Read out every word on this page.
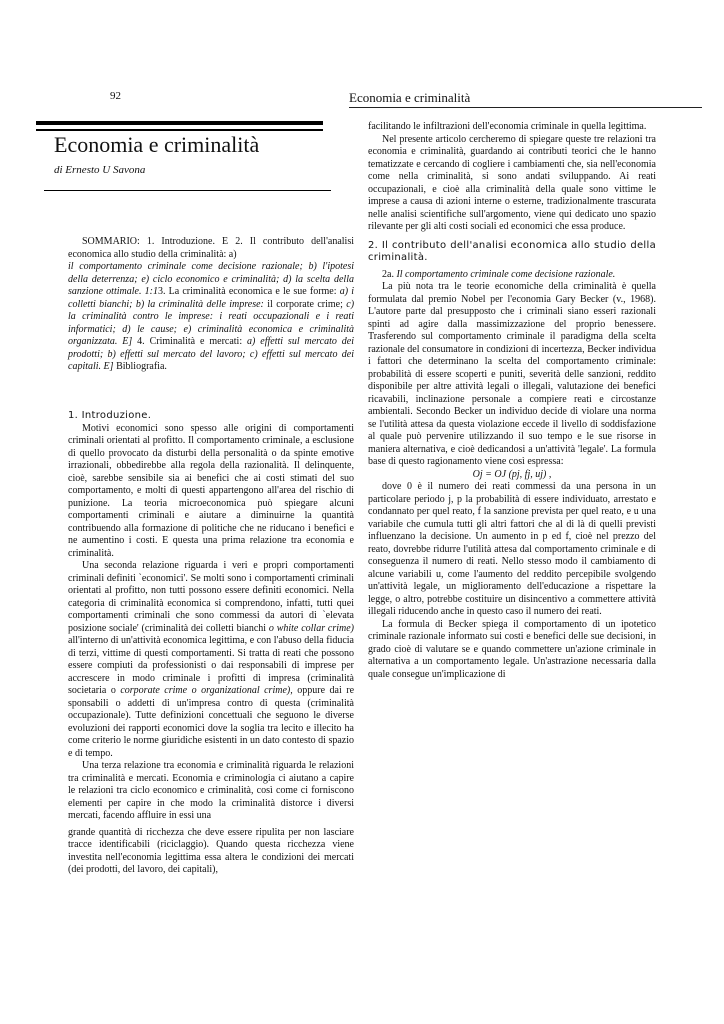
92	Economia e criminalità
Economia e criminalità
di Ernesto U Savona

SOMMARIO: 1. Introduzione. E 2. Il contributo dell'analisi economica allo studio della criminalità: a)

il comportamento criminale come decisione razionale; b) l'ipotesi della deterrenza; e) ciclo economico e criminalità; d) la scelta della sanzione ottimale. 1:13. La criminalità economica e le sue forme: a) i colletti bianchi; b) la criminalità delle imprese: il corporate crime; c) la criminalità contro le imprese: i reati occupazionali e i reati informatici; d) le cause; e) criminalità economica e criminalità organizzata. E] 4. Criminalità e mercati: a) effetti sul mercato dei prodotti; b) effetti sul mercato del lavoro; c) effetti sul mercato dei capitali. E] Bibliografia.

1. Introduzione.

Motivi economici sono spesso alle origini di comportamenti criminali orientati al profitto. Il comportamento criminale, a esclusione di quello provocato da disturbi della personalità o da spinte emotive irrazionali, obbedirebbe alla regola della razionalità. Il delinquente, cioè, sarebbe sensibile sia ai benefici che ai costi stimati del suo comportamento, e molti di questi appartengono all'area del rischio di punizione. La teoria microeconomica può spiegare alcuni comportamenti criminali e aiutare a diminuirne la quantità contribuendo alla formazione di politiche che ne riducano i benefici e ne aumentino i costi. E questa una prima relazione tra economia e criminalità.

Una seconda relazione riguarda i veri e propri comportamenti criminali definiti `economici'. Se molti sono i comportamenti criminali orientati al profitto, non tutti possono essere definiti economici. Nella categoria di criminalità economica si comprendono, infatti, tutti quei comportamenti criminali che sono commessi da autori di `elevata posizione sociale' (criminalità dei colletti bianchi o white collar crime) all'interno di un'attività economica legittima, e con l'abuso della fiducia di terzi, vittime di questi comportamenti. Si tratta di reati che possono essere compiuti da professionisti o dai responsabili di imprese per accrescere in modo criminale i profitti di impresa (criminalità societaria o corporate crime o organizational crime), oppure dai re sponsabili o addetti di un'impresa contro di questa (criminalità occupazionale). Tutte definizioni concettuali che seguono le diverse evoluzioni dei rapporti economici dove la soglia tra lecito e illecito ha come criterio le norme giuridiche esistenti in un dato contesto di spazio e di tempo.

Una terza relazione tra economia e criminalità riguarda le relazioni tra criminalità e mercati. Economia e criminologia ci aiutano a capire le relazioni tra ciclo economico e criminalità, così come ci forniscono elementi per capire in che modo la criminalità distorce i diversi mercati, facendo affluire in essi una

grande quantità di ricchezza che deve essere ripulita per non lasciare tracce identificabili (riciclaggio). Quando questa ricchezza viene investita nell'economia legittima essa altera le condizioni dei mercati (dei prodotti, del lavoro, dei capitali),

facilitando le infiltrazioni dell'economia criminale in quella legittima.

Nel presente articolo cercheremo di spiegare queste tre relazioni tra economia e criminalità, guardando ai contributi teorici che le hanno tematizzate e cercando di cogliere i cambiamenti che, sia nell'economia come nella criminalità, si sono andati sviluppando. Ai reati occupazionali, e cioè alla criminalità della quale sono vittime le imprese a causa di azioni interne o esterne, tradizionalmente trascurata nelle analisi scientifiche sull'argomento, viene qui dedicato uno spazio rilevante per gli alti costi sociali ed economici che essa produce.

2. Il contributo dell'analisi economica allo studio della criminalità.

2a. Il comportamento criminale come decisione razionale.

La più nota tra le teorie economiche della criminalità è quella formulata dal premio Nobel per l'economia Gary Becker (v., 1968). L'autore parte dal presupposto che i criminali siano esseri razionali spinti ad agire dalla massimizzazione del proprio benessere. Trasferendo sul comportamento criminale il paradigma della scelta razionale del consumatore in condizioni di incertezza, Becker individua i fattori che determinano la scelta del comportamento criminale: probabilità di essere scoperti e puniti, severità delle sanzioni, reddito disponibile per altre attività legali o illegali, valutazione dei benefici ricavabili, inclinazione personale a compiere reati e circostanze ambientali. Secondo Becker un individuo decide di violare una norma se l'utilità attesa da questa violazione eccede il livello di soddisfazione al quale può pervenire utilizzando il suo tempo e le sue risorse in maniera alternativa, e cioè dedicandosi a un'attività 'legale'. La formula base di questo ragionamento viene così espressa:

Oj = OJ (pj, fj, uj) ,

dove 0 è il numero dei reati commessi da una persona in un particolare periodo j, p la probabilità di essere individuato, arrestato e condannato per quel reato, f la sanzione prevista per quel reato, e u una variabile che cumula tutti gli altri fattori che al di là di quelli previsti influenzano la decisione. Un aumento in p ed f, cioè nel prezzo del reato, dovrebbe ridurre l'utilità attesa dal comportamento criminale e di conseguenza il numero di reati. Nello stesso modo il cambiamento di alcune variabili u, come l'aumento del reddito percepibile svolgendo un'attività legale, un miglioramento dell'educazione a rispettare la legge, o altro, potrebbe costituire un disincentivo a commettere attività illegali riducendo anche in questo caso il numero dei reati.

La formula di Becker spiega il comportamento di un ipotetico criminale razionale informato sui costi e benefici delle sue decisioni, in grado cioè di valutare se e quando commettere un'azione criminale in alternativa a un comportamento legale. Un'astrazione necessaria dalla quale consegue un'implicazione di
